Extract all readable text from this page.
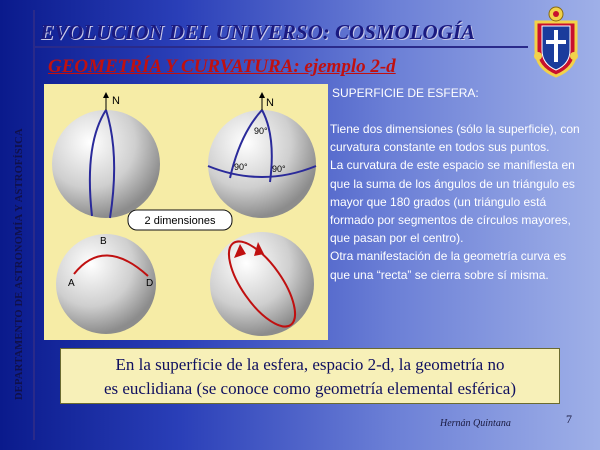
DEPARTAMENTO DE ASTRONOMÍA Y ASTROFÍSICA
EVOLUCION DEL UNIVERSO: COSMOLOGÍA
GEOMETRÍA Y CURVATURA: ejemplo 2-d
N	N
90°
90°	90°
2 dimensiones
B
A	D
SUPERFICIE DE ESFERA:

Tiene dos dimensiones (sólo la superficie), con curvatura constante en todos sus puntos.

La curvatura de este espacio se manifiesta en que la suma de los ángulos de un triángulo es mayor que 180 grados (un triángulo está formado por segmentos de círculos mayores, que pasan por el centro).

Otra manifestación de la geometría curva es que una “recta” se cierra sobre sí misma.

En la superficie de la esfera, espacio 2-d, la geometría no
es euclidiana (se conoce como geometría elemental esférica)
Hernán Quintana	7
